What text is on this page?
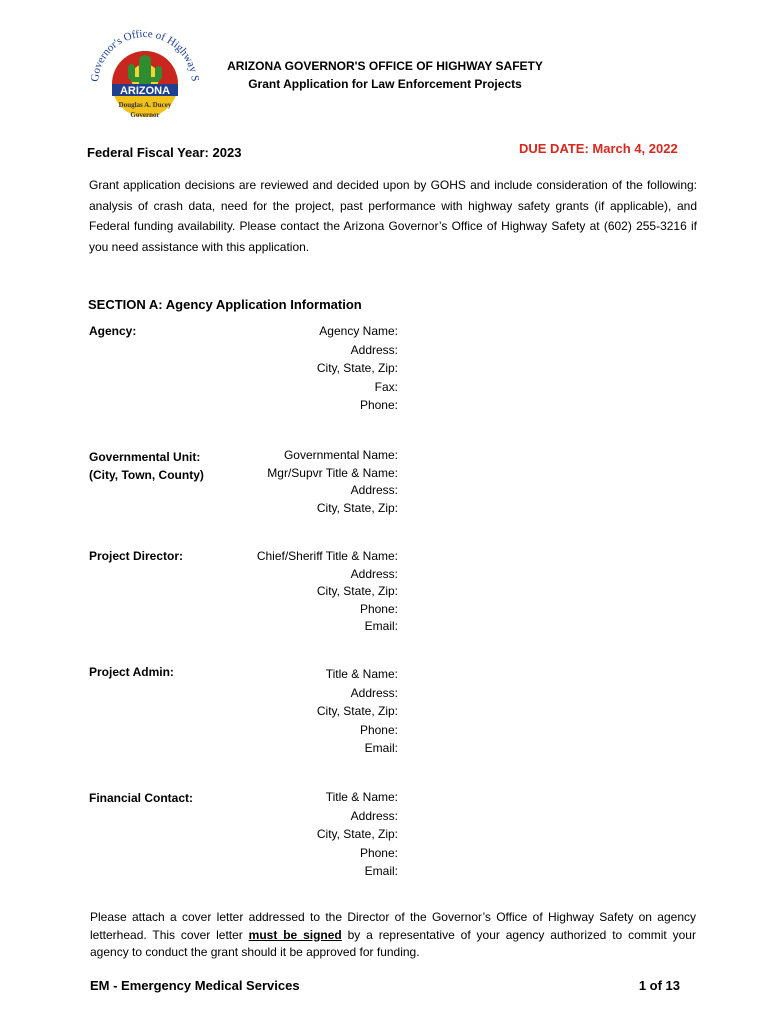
Governor's Office of Highway S
ARIZONA
Douglas A. Ducey
Governor
ARIZONA GOVERNOR'S OFFICE OF HIGHWAY SAFETY
Grant Application for Law Enforcement Projects
Federal Fiscal Year: 2023	DUE DATE: March 4, 2022
Grant application decisions are reviewed and decided upon by GOHS and include consideration of the following: analysis of crash data, need for the project, past performance with highway safety grants (if applicable), and Federal funding availability. Please contact the Arizona Governor’s Office of Highway Safety at (602) 255-3216 if you need assistance with this application.
SECTION A: Agency Application Information
Agency:	Agency Name:
Address:
City, State, Zip:
Fax:
Phone:
Governmental Unit:
(City, Town, County)
Governmental Name:
Mgr/Supvr Title & Name:
Address:
City, State, Zip:
Project Director:	Chief/Sheriff Title & Name:
Address:
City, State, Zip:
Phone:
Email:
Project Admin:	Title & Name:
Address:
City, State, Zip:
Phone:
Email:
Financial Contact:	Title & Name:
Address:
City, State, Zip:
Phone:
Email:
Please attach a cover letter addressed to the Director of the Governor’s Office of Highway Safety on agency letterhead. This cover letter must be signed by a representative of your agency authorized to commit your agency to conduct the grant should it be approved for funding.
EM - Emergency Medical Services	1 of 13
